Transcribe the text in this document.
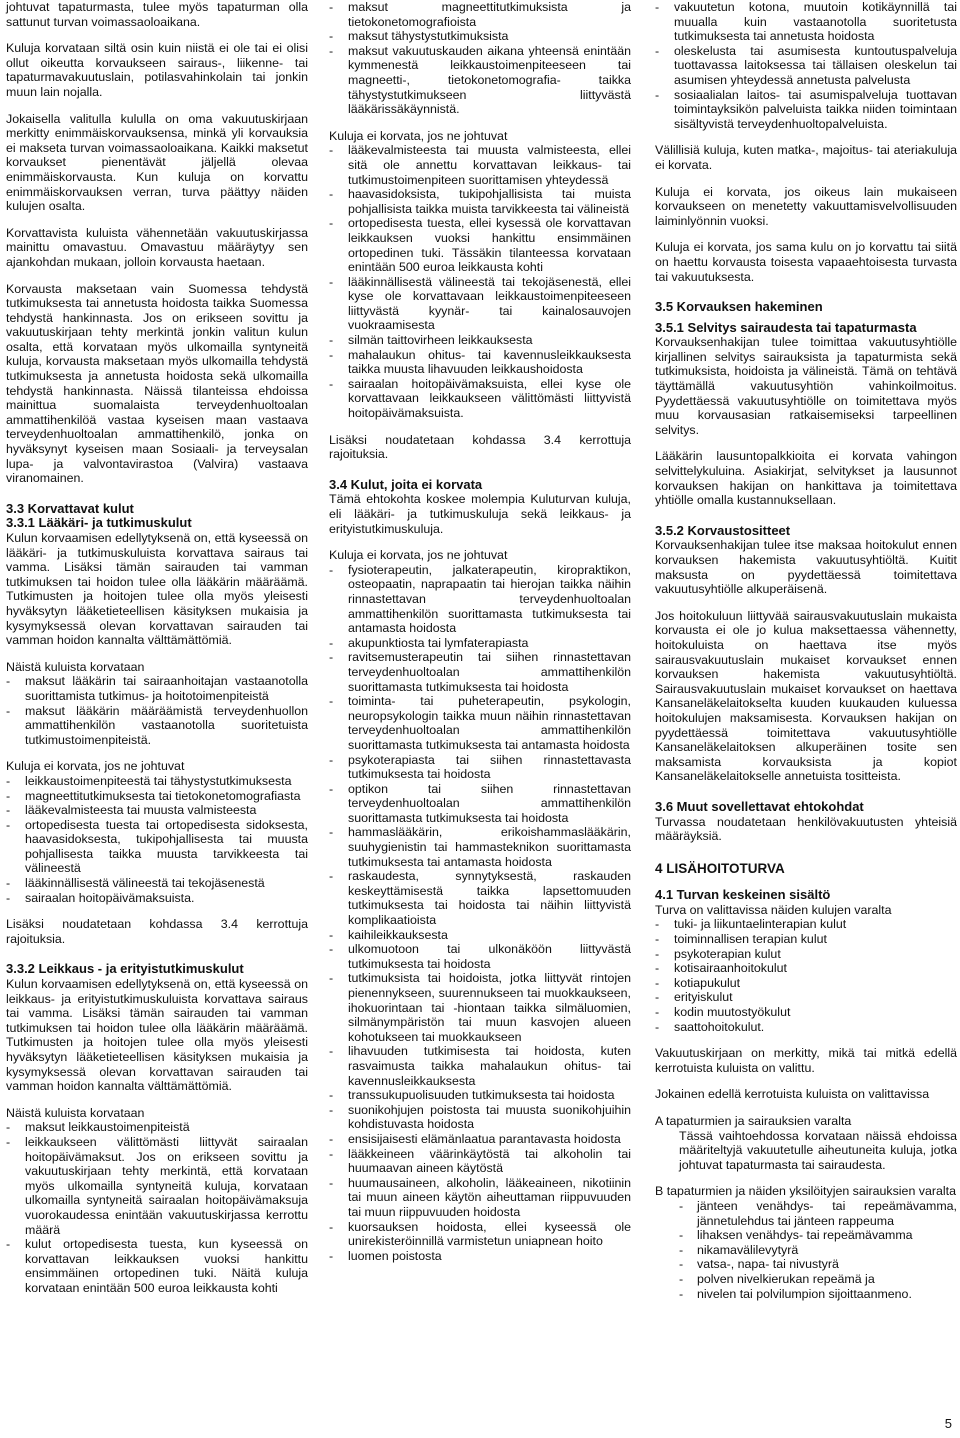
johtuvat tapaturmasta, tulee myös tapaturman olla sattunut turvan voimassaoloaikana.

Kuluja korvataan siltä osin kuin niistä ei ole tai ei olisi ollut oikeutta korvaukseen sairaus-, liikenne- tai tapaturmavakuutuslain, potilasvahinkolain tai jonkin muun lain nojalla.

Jokaisella valitulla kululla on oma vakuutuskirjaan merkitty enimmäiskorvauksensa, minkä yli korvauksia ei makseta turvan voimassaoloaikana. Kaikki maksetut korvaukset pienentävät jäljellä olevaa enimmäiskorvausta. Kun kuluja on korvattu enimmäiskorvauksen verran, turva päättyy näiden kulujen osalta.

Korvattavista kuluista vähennetään vakuutuskirjassa mainittu omavastuu. Omavastuu määräytyy sen ajankohdan mukaan, jolloin korvausta haetaan.

Korvausta maksetaan vain Suomessa tehdystä tutkimuksesta tai annetusta hoidosta taikka Suomessa tehdystä hankinnasta. Jos on erikseen sovittu ja vakuutuskirjaan tehty merkintä jonkin valitun kulun osalta, että korvataan myös ulkomailla syntyneitä kuluja, korvausta maksetaan myös ulkomailla tehdystä tutkimuksesta ja annetusta hoidosta sekä ulkomailla tehdystä hankinnasta. Näissä tilanteissa ehdoissa mainittua suomalaista terveydenhuoltoalan ammattihenkilöä vastaa kyseisen maan vastaava terveydenhuoltoalan ammattihenkilö, jonka on hyväksynyt kyseisen maan Sosiaali- ja terveysalan lupa- ja valvontavirastoa (Valvira) vastaava viranomainen.

3.3 Korvattavat kulut
3.3.1 Lääkäri- ja tutkimuskulut

Kulun korvaamisen edellytyksenä on, että kyseessä on lääkäri- ja tutkimuskuluista korvattava sairaus tai vamma. Lisäksi tämän sairauden tai vamman tutkimuksen tai hoidon tulee olla lääkärin määräämä. Tutkimusten ja hoitojen tulee olla myös yleisesti hyväksytyn lääketieteellisen käsityksen mukaisia ja kysymyksessä olevan korvattavan sairauden tai vamman hoidon kannalta välttämättömiä.

Näistä kuluista korvataan

- maksut lääkärin tai sairaanhoitajan vastaanotolla suorittamista tutkimus- ja hoitotoimenpiteistä
- maksut lääkärin määräämistä terveydenhuollon ammattihenkilön vastaanotolla suoritetuista tutkimustoimenpiteistä.

Kuluja ei korvata, jos ne johtuvat

- leikkaustoimenpiteestä tai tähystystutkimuksesta
- magneettitutkimuksesta tai tietokonetomografiasta
- lääkevalmisteesta tai muusta valmisteesta
- ortopedisesta tuesta tai ortopedisesta sidoksesta, haavasidoksesta, tukipohjallisesta tai muusta pohjallisesta taikka muusta tarvikkeesta tai välineestä
- lääkinnällisestä välineestä tai tekojäsenestä
- sairaalan hoitopäivämaksuista.

Lisäksi noudatetaan kohdassa 3.4 kerrottuja rajoituksia.

3.3.2 Leikkaus - ja erityistutkimuskulut

Kulun korvaamisen edellytyksenä on, että kyseessä on leikkaus- ja erityistutkimuskuluista korvattava sairaus tai vamma. Lisäksi tämän sairauden tai vamman tutkimuksen tai hoidon tulee olla lääkärin määräämä. Tutkimusten ja hoitojen tulee olla myös yleisesti hyväksytyn lääketieteellisen käsityksen mukaisia ja kysymyksessä olevan korvattavan sairauden tai vamman hoidon kannalta välttämättömiä.

Näistä kuluista korvataan

- maksut leikkaustoimenpiteistä
- leikkaukseen välittömästi liittyvät sairaalan hoitopäivämaksut. Jos on erikseen sovittu ja vakuutuskirjaan tehty merkintä, että korvataan myös ulkomailla syntyneitä kuluja, korvataan ulkomailla syntyneitä sairaalan hoitopäivämaksuja vuorokaudessa enintään vakuutuskirjassa kerrottu määrä
- kulut ortopedisesta tuesta, kun kyseessä on korvattavan leikkauksen vuoksi hankittu ensimmäinen ortopedinen tuki. Näitä kuluja korvataan enintään 500 euroa leikkausta kohti
- maksut magneettitutkimuksista ja tietokonetomografioista
- maksut tähystystutkimuksista
- maksut vakuutuskauden aikana yhteensä enintään kymmenestä leikkaustoimenpiteeseen tai magneetti-, tietokonetomografia- taikka tähystystutkimukseen liittyvästä lääkärissäkäynnistä.

Kuluja ei korvata, jos ne johtuvat

- lääkevalmisteesta tai muusta valmisteesta, ellei sitä ole annettu korvattavan leikkaus- tai tutkimustoimenpiteen suorittamisen yhteydessä
- haavasidoksista, tukipohjallisista tai muista pohjallisista taikka muista tarvikkeesta tai välineistä
- ortopedisesta tuesta, ellei kysessä ole korvattavan leikkauksen vuoksi hankittu ensimmäinen ortopedinen tuki. Tässäkin tilanteessa korvataan enintään 500 euroa leikkausta kohti
- lääkinnällisestä välineestä tai tekojäsenestä, ellei kyse ole korvattavaan leikkaustoimenpiteeseen liittyvästä kyynär- tai kainalosauvojen vuokraamisesta
- silmän taittovirheen leikkauksesta
- mahalaukun ohitus- tai kavennusleikkauksesta taikka muusta lihavuuden leikkaushoidosta
- sairaalan hoitopäivämaksuista, ellei kyse ole korvattavaan leikkaukseen välittömästi liittyvistä hoitopäivämaksuista.

Lisäksi noudatetaan kohdassa 3.4 kerrottuja rajoituksia.

3.4 Kulut, joita ei korvata

Tämä ehtokohta koskee molempia Kuluturvan kuluja, eli lääkäri- ja tutkimuskuluja sekä leikkaus- ja erityistutkimuskuluja.

Kuluja ei korvata, jos ne johtuvat

- fysioterapeutin, jalkaterapeutin, kiropraktikon, osteopaatin, naprapaatin tai hierojan taikka näihin rinnastettavan terveydenhuoltoalan ammattihenkilön suorittamasta tutkimuksesta tai antamasta hoidosta
- akupunktiosta tai lymfaterapiasta
- ravitsemusterapeutin tai siihen rinnastettavan terveydenhuoltoalan ammattihenkilön suorittamasta tutkimuksesta tai hoidosta
- toiminta- tai puheterapeutin, psykologin, neuropsykologin taikka muun näihin rinnastettavan terveydenhuoltoalan ammattihenkilön suorittamasta tutkimuksesta tai antamasta hoidosta
- psykoterapiasta tai siihen rinnastettavasta tutkimuksesta tai hoidosta
- optikon tai siihen rinnastettavan terveydenhuoltoalan ammattihenkilön suorittamasta tutkimuksesta tai hoidosta
- hammaslääkärin, erikoishammaslääkärin, suuhygienistin tai hammasteknikon suorittamasta tutkimuksesta tai antamasta hoidosta
- raskaudesta, synnytyksestä, raskauden keskeyttämisestä taikka lapsettomuuden tutkimuksesta tai hoidosta tai näihin liittyvistä komplikaatioista
- kaihileikkauksesta
- ulkomuotoon tai ulkonäköön liittyvästä tutkimuksesta tai hoidosta
- tutkimuksista tai hoidoista, jotka liittyvät rintojen pienennykseen, suurennukseen tai muokkaukseen, ihokuorintaan tai -hiontaan taikka silmäluomien, silmänympäristön tai muun kasvojen alueen kohotukseen tai muokkaukseen
- lihavuuden tutkimisesta tai hoidosta, kuten rasvaimusta taikka mahalaukun ohitus- tai kavennusleikkauksesta
- transsukupuolisuuden tutkimuksesta tai hoidosta
- suonikohjujen poistosta tai muusta suonikohjuihin kohdistuvasta hoidosta
- ensisijaisesti elämänlaatua parantavasta hoidosta
- lääkkeineen väärinkäytöstä tai alkoholin tai huumaavan aineen käytöstä
- huumausaineen, alkoholin, lääkeaineen, nikotiinin tai muun aineen käytön aiheuttaman riippuvuuden tai muun riippuvuuden hoidosta
- kuorsauksen hoidosta, ellei kyseessä ole unirekisteröinnillä varmistetun uniapnean hoito
- luomen poistosta
- vakuutetun kotona, muutoin kotikäynnillä tai muualla kuin vastaanotolla suoritetusta tutkimuksesta tai annetusta hoidosta
- oleskelusta tai asumisesta kuntoutuspalveluja tuottavassa laitoksessa tai tällaisen oleskelun tai asumisen yhteydessä annetusta palvelusta
- sosiaalialan laitos- tai asumispalveluja tuottavan toimintayksikön palveluista taikka niiden toimintaan sisältyvistä terveydenhuoltopalveluista.

Välillisiä kuluja, kuten matka-, majoitus- tai ateriakuluja ei korvata.

Kuluja ei korvata, jos oikeus lain mukaiseen korvaukseen on menetetty vakuuttamisvelvollisuuden laiminlyönnin vuoksi.

Kuluja ei korvata, jos sama kulu on jo korvattu tai siitä on haettu korvausta toisesta vapaaehtoisesta turvasta tai vakuutuksesta.

3.5 Korvauksen hakeminen
3.5.1 Selvitys sairaudesta tai tapaturmasta

Korvauksenhakijan tulee toimittaa vakuutusyhtiölle kirjallinen selvitys sairauksista ja tapaturmista sekä tutkimuksista, hoidoista ja välineistä. Tämä on tehtävä täyttämällä vakuutusyhtiön vahinkoilmoitus. Pyydettäessä vakuutusyhtiölle on toimitettava myös muu korvausasian ratkaisemiseksi tarpeellinen selvitys.

Lääkärin lausuntopalkkioita ei korvata vahingon selvittelykuluina. Asiakirjat, selvitykset ja lausunnot korvauksen hakijan on hankittava ja toimitettava yhtiölle omalla kustannuksellaan.

3.5.2 Korvaustositteet

Korvauksenhakijan tulee itse maksaa hoitokulut ennen korvauksen hakemista vakuutusyhtiöltä. Kuitit maksusta on pyydettäessä toimitettava vakuutusyhtiölle alkuperäisenä.

Jos hoitokuluun liittyvää sairausvakuutuslain mukaista korvausta ei ole jo kulua maksettaessa vähennetty, hoitokuluista on haettava itse myös sairausvakuutuslain mukaiset korvaukset ennen korvauksen hakemista vakuutusyhtiöltä. Sairausvakuutuslain mukaiset korvaukset on haettava Kansaneläkelaitokselta kuuden kuukauden kuluessa hoitokulujen maksamisesta. Korvauksen hakijan on pyydettäessä toimitettava vakuutusyhtiölle Kansaneläkelaitoksen alkuperäinen tosite sen maksamista korvauksista ja kopiot Kansaneläkelaitokselle annetuista tositteista.

3.6 Muut sovellettavat ehtokohdat

Turvassa noudatetaan henkilövakuutusten yhteisiä määräyksiä.

4 LISÄHOITOTURVA
4.1 Turvan keskeinen sisältö

Turva on valittavissa näiden kulujen varalta

- tuki- ja liikuntaelinterapian kulut
- toiminnallisen terapian kulut
- psykoterapian kulut
- kotisairaanhoitokulut
- kotiapukulut
- erityiskulut
- kodin muutostyökulut
- saattohoitokulut.

Vakuutuskirjaan on merkitty, mikä tai mitkä edellä kerrotuista kuluista on valittu.

Jokainen edellä kerrotuista kuluista on valittavissa

A tapaturmien ja sairauksien varalta

Tässä vaihtoehdossa korvataan näissä ehdoissa määriteltyjä vakuutetulle aiheutuneita kuluja, jotka johtuvat tapaturmasta tai sairaudesta.

B tapaturmien ja näiden yksilöityjen sairauksien varalta

- jänteen venähdys- tai repeämävamma, jännetulehdus tai jänteen rappeuma
- lihaksen venähdys- tai repeämävamma
- nikamavälilevytyrä
- vatsa-, napa- tai nivustyrä
- polven nivelkierukan repeämä ja
- nivelen tai polvilumpion sijoittaanmeno.
5
